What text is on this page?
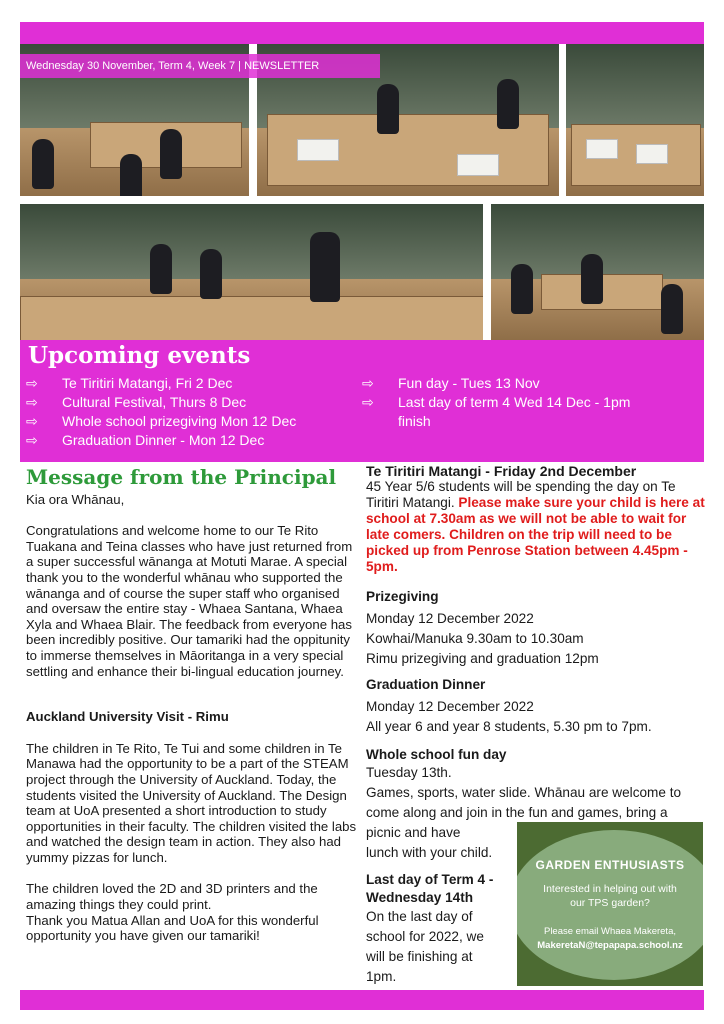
Wednesday 30 November, Term 4, Week 7 | NEWSLETTER
Upcoming events
⇨ Te Tiritiri Matangi, Fri 2 Dec
⇨ Cultural Festival, Thurs 8 Dec
⇨ Whole school prizegiving Mon 12 Dec
⇨ Graduation Dinner - Mon 12 Dec
⇨ Fun day - Tues 13 Nov
⇨ Last day of term 4 Wed 14 Dec - 1pm
finish
Message from the Principal

Kia ora Whānau,

Congratulations and welcome home to our Te Rito Tuakana and Teina classes who have just returned from a super successful wānanga at Motuti Marae. A special thank you to the wonderful whānau who supported the wānanga and of course the super staff who organised and oversaw the entire stay - Whaea Santana, Whaea Xyla and Whaea Blair. The feedback from everyone has been incredibly positive. Our tamariki had the oppitunity to immerse themselves in Māoritanga in a very special settling and enhance their bi-lingual education journey.

Auckland University Visit - Rimu

The children in Te Rito, Te Tui and some children in Te Manawa had the opportunity to be a part of the STEAM project through the University of Auckland. Today, the students visited the University of Auckland. The Design team at UoA presented a short introduction to study opportunities in their faculty. The children visited the labs and watched the design team in action. They also had yummy pizzas for lunch.

The children loved the 2D and 3D printers and the amazing things they could print.

Thank you Matua Allan and UoA for this wonderful opportunity you have given our tamariki!

Te Tiritiri Matangi - Friday 2nd December

45 Year 5/6 students will be spending the day on Te Tiritiri Matangi. Please make sure your child is here at school at 7.30am as we will not be able to wait for late comers. Children on the trip will need to be picked up from Penrose Station between 4.45pm - 5pm.

Prizegiving

Monday 12 December 2022

Kowhai/Manuka 9.30am to 10.30am

Rimu prizegiving and graduation 12pm

Graduation Dinner

Monday 12 December 2022

All year 6 and year 8 students, 5.30 pm to 7pm.

Whole school fun day

Tuesday 13th.

Games, sports, water slide. Whānau are welcome to come along and join in the fun and games, bring a picnic and have

lunch with your child.

Last day of Term 4 - Wednesday 14th

On the last day of school for 2022, we will be finishing at 1pm.

GARDEN ENTHUSIASTS
Interested in helping out with our TPS garden?
Please email Whaea Makereta,
MakeretaN@tepapapa.school.nz
